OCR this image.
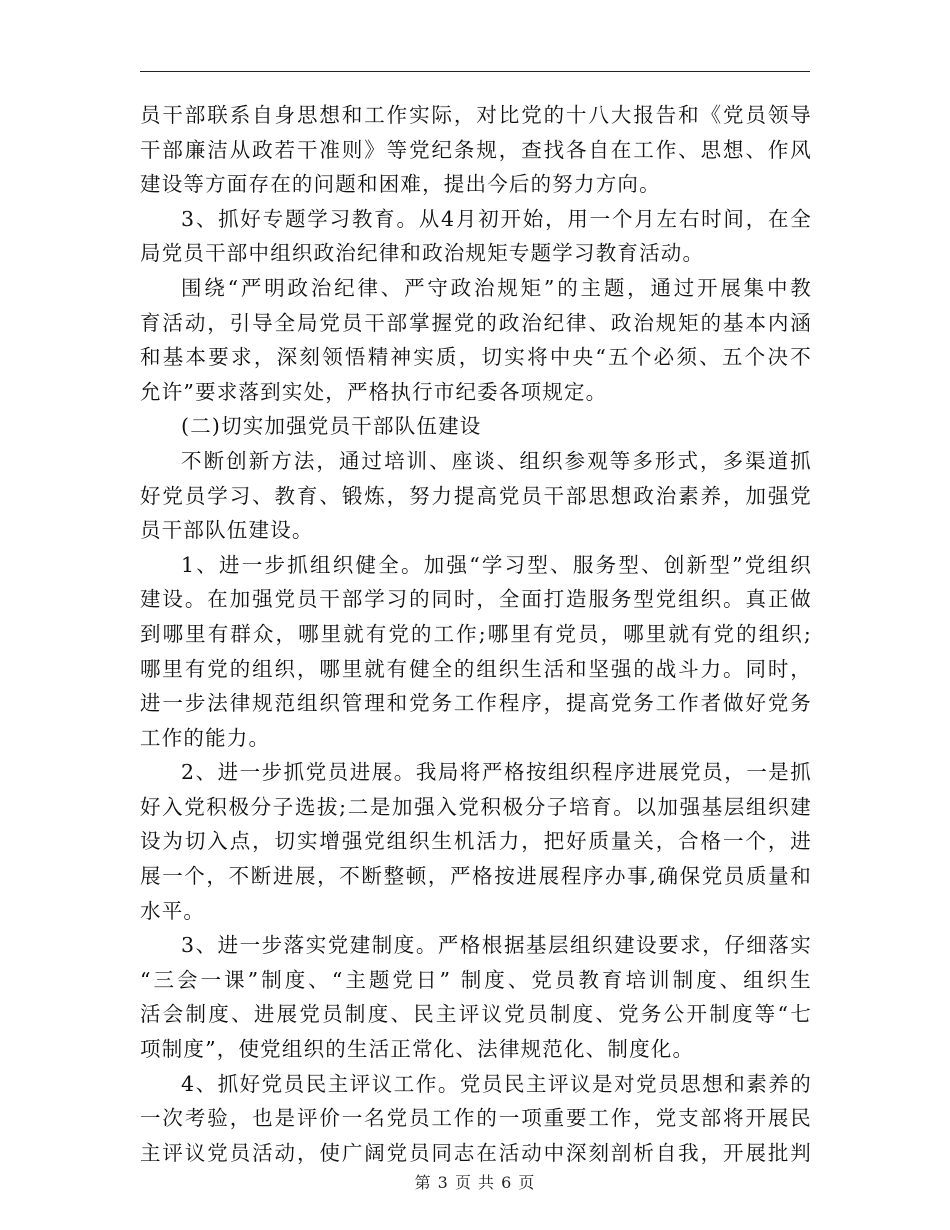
员干部联系自身思想和工作实际，对比党的十八大报告和《党员领导
干部廉洁从政若干准则》等党纪条规，查找各自在工作、思想、作风
建设等方面存在的问题和困难，提出今后的努力方向。
3、抓好专题学习教育。从4月初开始，用一个月左右时间，在全
局党员干部中组织政治纪律和政治规矩专题学习教育活动。
围绕“严明政治纪律、严守政治规矩”的主题，通过开展集中教
育活动，引导全局党员干部掌握党的政治纪律、政治规矩的基本内涵
和基本要求，深刻领悟精神实质，切实将中央“五个必须、五个决不
允许”要求落到实处，严格执行市纪委各项规定。
(二)切实加强党员干部队伍建设
不断创新方法，通过培训、座谈、组织参观等多形式，多渠道抓
好党员学习、教育、锻炼，努力提高党员干部思想政治素养，加强党
员干部队伍建设。
1、进一步抓组织健全。加强“学习型、服务型、创新型”党组织
建设。在加强党员干部学习的同时，全面打造服务型党组织。真正做
到哪里有群众，哪里就有党的工作;哪里有党员，哪里就有党的组织;
哪里有党的组织，哪里就有健全的组织生活和坚强的战斗力。同时，
进一步法律规范组织管理和党务工作程序，提高党务工作者做好党务
工作的能力。
2、进一步抓党员进展。我局将严格按组织程序进展党员，一是抓
好入党积极分子选拔;二是加强入党积极分子培育。以加强基层组织建
设为切入点，切实增强党组织生机活力，把好质量关，合格一个，进
展一个，不断进展，不断整顿，严格按进展程序办事,确保党员质量和
水平。
3、进一步落实党建制度。严格根据基层组织建设要求，仔细落实
“三会一课”制度、“主题党日” 制度、党员教育培训制度、组织生
活会制度、进展党员制度、民主评议党员制度、党务公开制度等“七
项制度”，使党组织的生活正常化、法律规范化、制度化。
4、抓好党员民主评议工作。党员民主评议是对党员思想和素养的
一次考验，也是评价一名党员工作的一项重要工作，党支部将开展民
主评议党员活动，使广阔党员同志在活动中深刻剖析自我，开展批判
第 3 页 共 6 页
